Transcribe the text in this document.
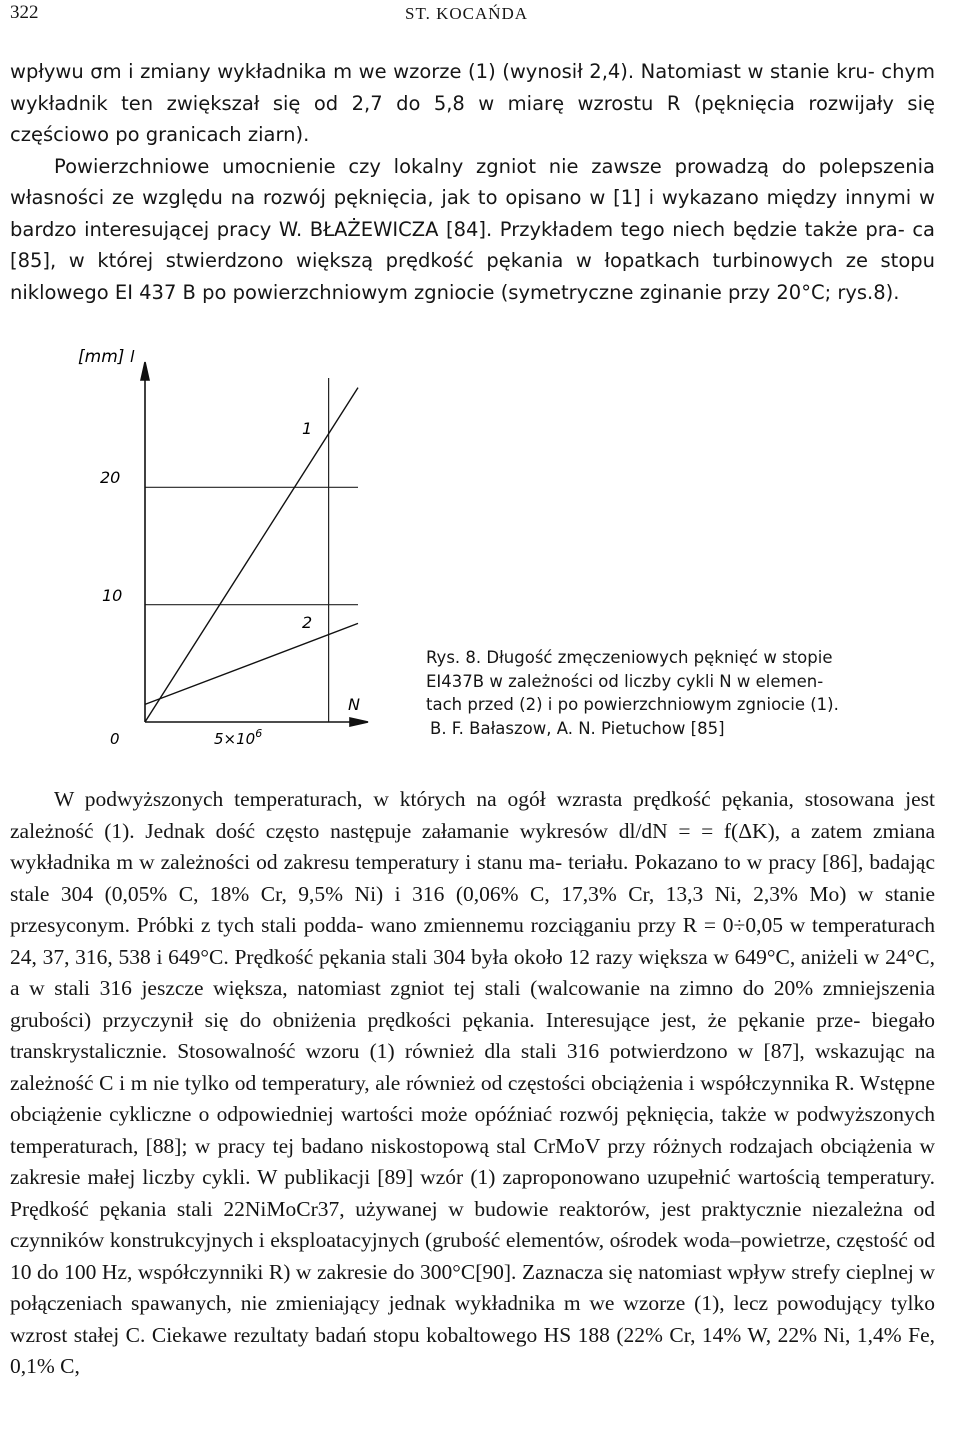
322	ST. KOCAŃDA
wpływu σm i zmiany wykładnika m we wzorze (1) (wynosił 2,4). Natomiast w stanie kru- chym wykładnik ten zwiększał się od 2,7 do 5,8 w miarę wzrostu R (pęknięcia rozwijały się częściowo po granicach ziarn).
Powierzchniowe umocnienie czy lokalny zgniot nie zawsze prowadzą do polepszenia własności ze względu na rozwój pęknięcia, jak to opisano w [1] i wykazano między innymi w bardzo interesującej pracy W. BŁAŻEWICZA [84]. Przykładem tego niech będzie także pra- ca [85], w której stwierdzono większą prędkość pękania w łopatkach turbinowych ze stopu niklowego EI 437 B po powierzchniowym zgniocie (symetryczne zginanie przy 20°C; rys.8).
[mm] l
20
10
0	$5\times 10^6$
N
1
2
Rys. 8. Długość zmęczeniowych pęknięć w stopie
EI437B w zależności od liczby cykli N w elemen-
tach przed (2) i po powierzchniowym zgniocie (1).
B. F. Bałaszow, A. N. Pietuchow [85]
W podwyższonych temperaturach, w których na ogół wzrasta prędkość pękania, stosowana jest zależność (1). Jednak dość często następuje załamanie wykresów dl/dN = = f(ΔK), a zatem zmiana wykładnika m w zależności od zakresu temperatury i stanu ma- teriału. Pokazano to w pracy [86], badając stale 304 (0,05% C, 18% Cr, 9,5% Ni) i 316 (0,06% C, 17,3% Cr, 13,3 Ni, 2,3% Mo) w stanie przesyconym. Próbki z tych stali podda- wano zmiennemu rozciąganiu przy R = 0÷0,05 w temperaturach 24, 37, 316, 538 i 649°C. Prędkość pękania stali 304 była około 12 razy większa w 649°C, aniżeli w 24°C, a w stali 316 jeszcze większa, natomiast zgniot tej stali (walcowanie na zimno do 20% zmniejszenia grubości) przyczynił się do obniżenia prędkości pękania. Interesujące jest, że pękanie prze- biegało transkrystalicznie. Stosowalność wzoru (1) również dla stali 316 potwierdzono w [87], wskazując na zależność C i m nie tylko od temperatury, ale również od częstości obciążenia i współczynnika R. Wstępne obciążenie cykliczne o odpowiedniej wartości może opóźniać rozwój pęknięcia, także w podwyższonych temperaturach, [88]; w pracy tej badano niskostopową stal CrMoV przy różnych rodzajach obciążenia w zakresie małej liczby cykli. W publikacji [89] wzór (1) zaproponowano uzupełnić wartością temperatury. Prędkość pękania stali 22NiMoCr37, używanej w budowie reaktorów, jest praktycznie niezależna od czynników konstrukcyjnych i eksploatacyjnych (grubość elementów, ośrodek woda–powietrze, częstość od 10 do 100 Hz, współczynniki R) w zakresie do 300°C[90]. Zaznacza się natomiast wpływ strefy cieplnej w połączeniach spawanych, nie zmieniający jednak wykładnika m we wzorze (1), lecz powodujący tylko wzrost stałej C. Ciekawe rezultaty badań stopu kobaltowego HS 188 (22% Cr, 14% W, 22% Ni, 1,4% Fe, 0,1% C,
